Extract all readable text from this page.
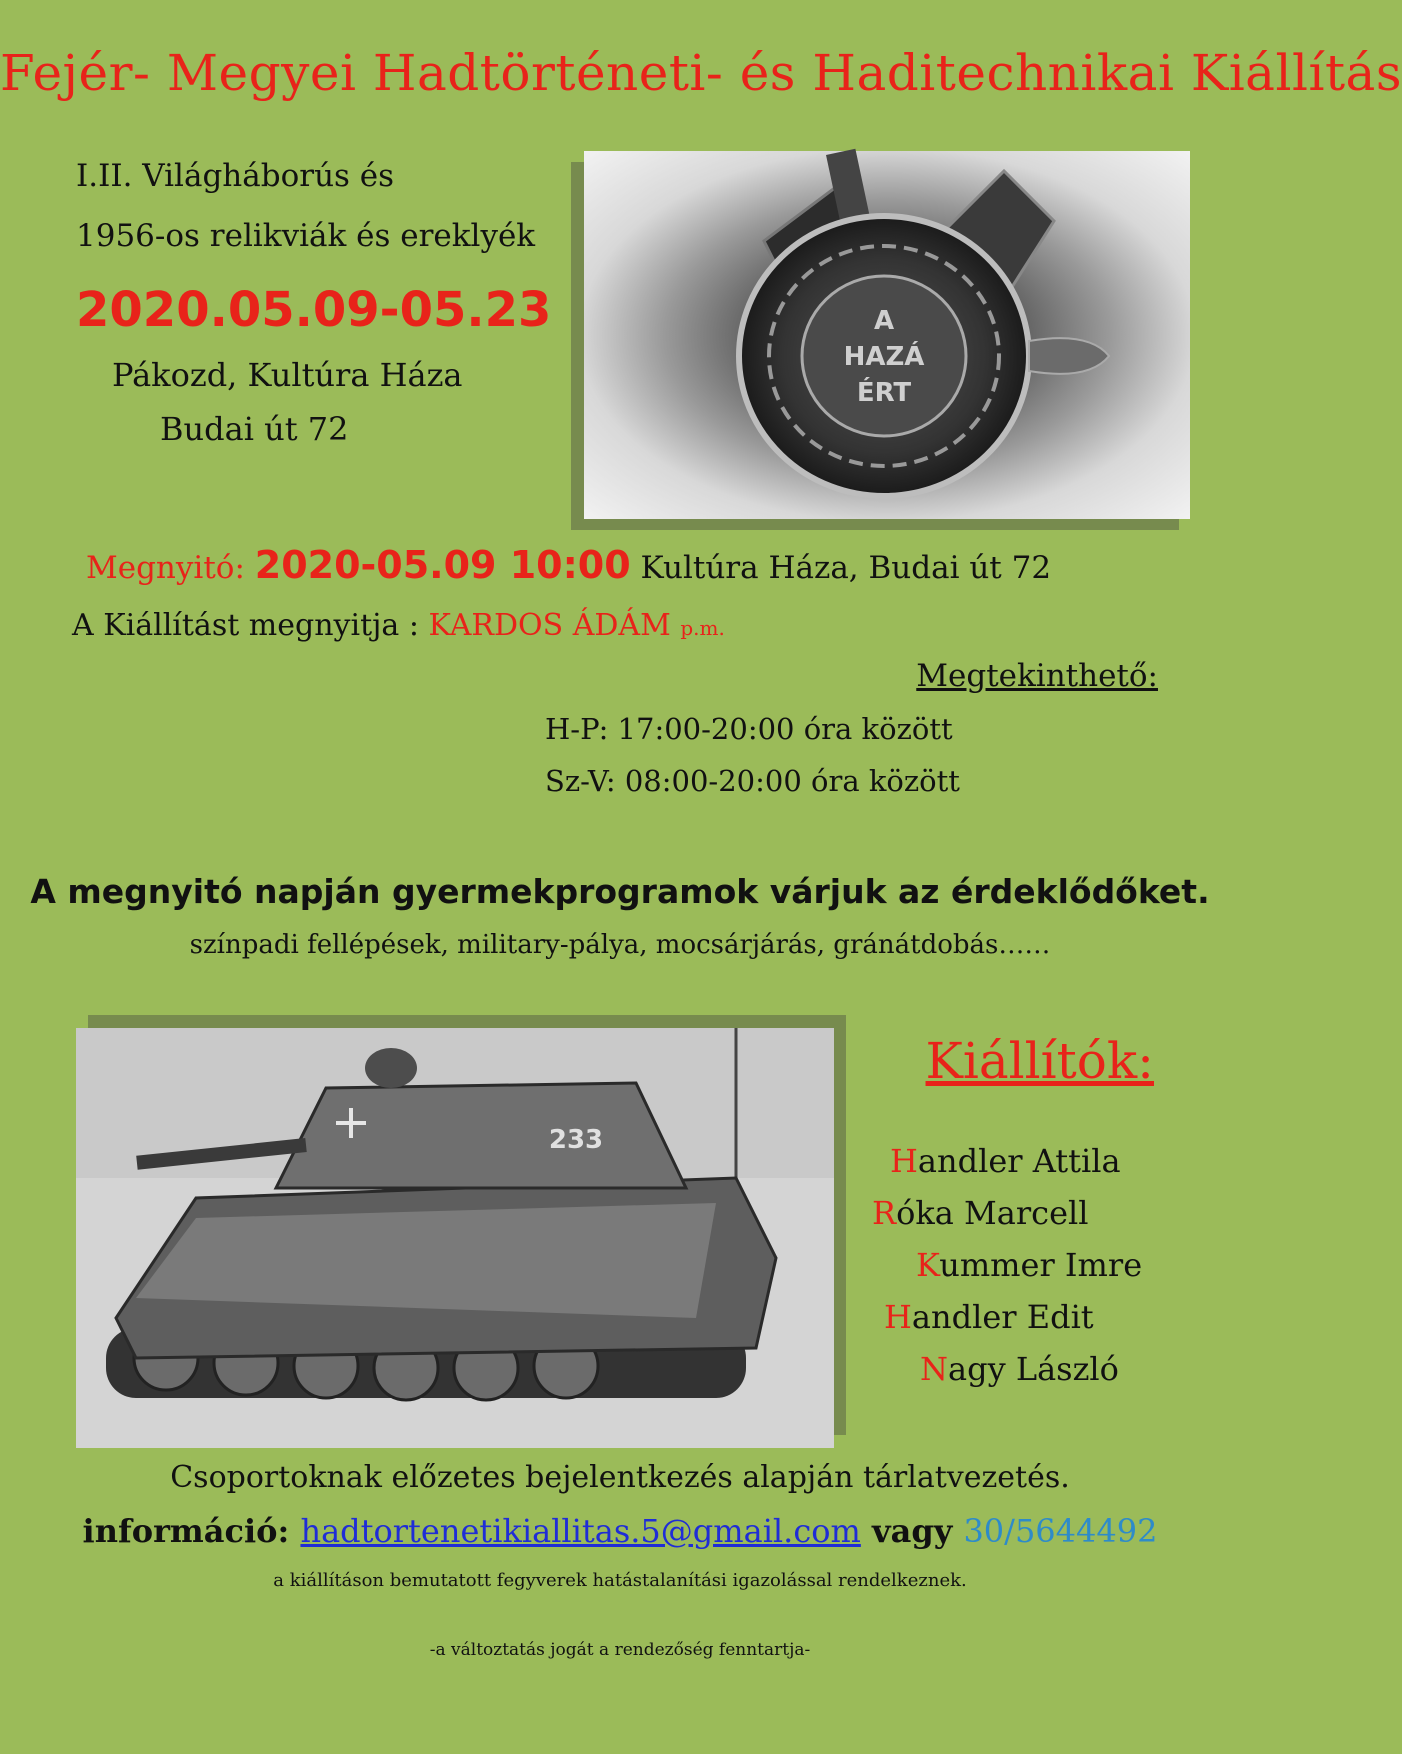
Fejér- Megyei Hadtörténeti- és Haditechnikai Kiállítás
I.II. Világháborús és
1956-os relikviák és ereklyék
2020.05.09-05.23
Pákozd, Kultúra Háza
Budai út 72
A
HAZÁ
ÉRT
Megnyitó: 2020-05.09 10:00 Kultúra Háza, Budai út 72
A Kiállítást megnyitja : KARDOS ÁDÁM p.m.
Megtekinthető:
H-P: 17:00-20:00 óra között
Sz-V: 08:00-20:00 óra között
A megnyitó napján gyermekprogramok várjuk az érdeklődőket.
színpadi fellépések, military-pálya, mocsárjárás, gránátdobás……
233
Kiállítók:
Handler Attila
Róka Marcell
Kummer Imre
Handler Edit
Nagy László
Csoportoknak előzetes bejelentkezés alapján tárlatvezetés.
információ: hadtortenetikiallitas.5@gmail.com vagy 30/5644492
a kiállításon bemutatott fegyverek hatástalanítási igazolással rendelkeznek.
-a változtatás jogát a rendezőség fenntartja-
